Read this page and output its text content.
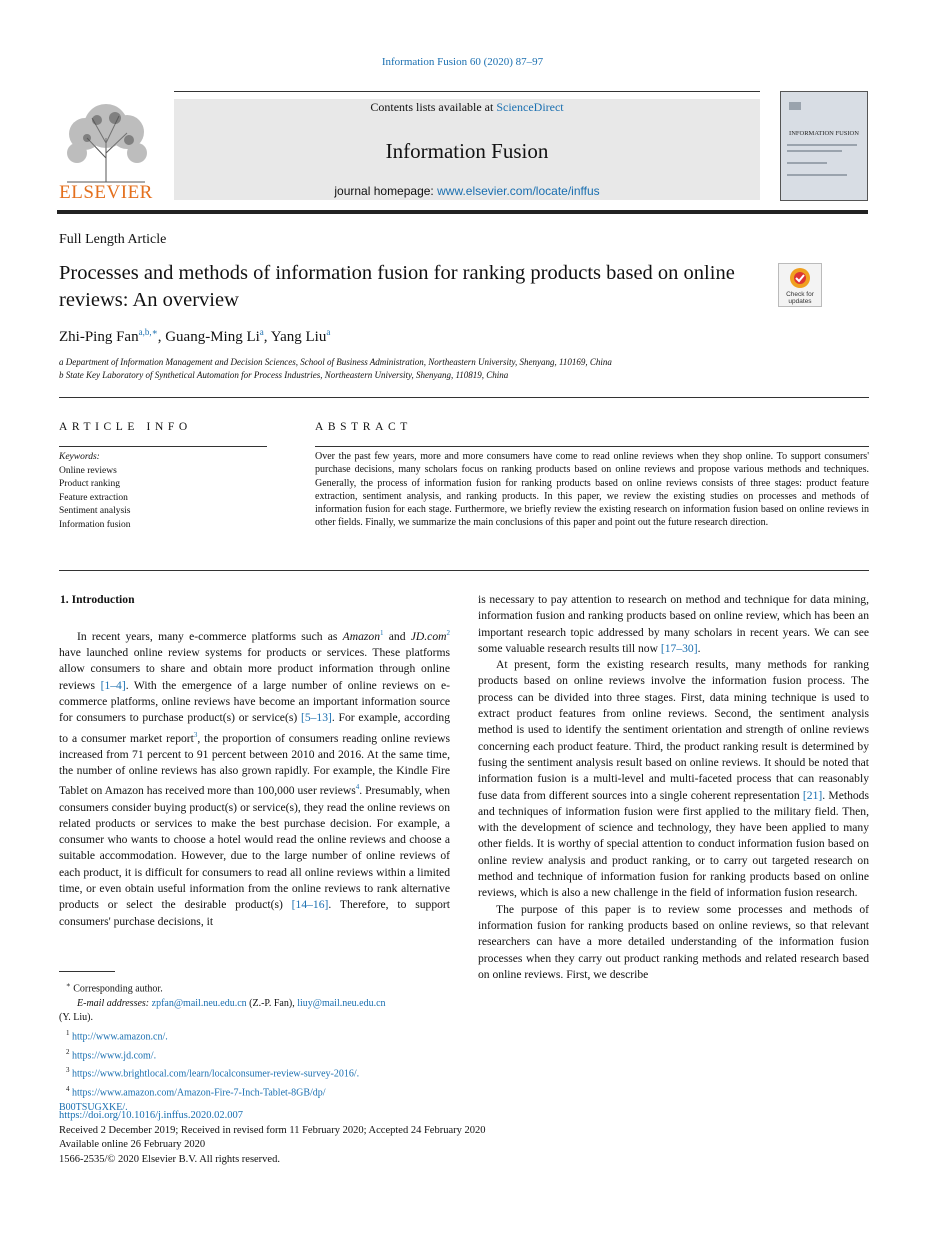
Information Fusion 60 (2020) 87–97
ELSEVIER
Contents lists available at ScienceDirect
Information Fusion
journal homepage: www.elsevier.com/locate/inffus
INFORMATION FUSION
Full Length Article
Processes and methods of information fusion for ranking products based on online reviews: An overview	Check for updates
Zhi-Ping Fan$^{a,b,∗}$, Guang-Ming Li$^a$, Yang Liu$^a$
a Department of Information Management and Decision Sciences, School of Business Administration, Northeastern University, Shenyang, 110169, China
b State Key Laboratory of Synthetical Automation for Process Industries, Northeastern University, Shenyang, 110819, China
ARTICLE INFO	ABSTRACT
Keywords:
Online reviews
Product ranking
Feature extraction
Sentiment analysis
Information fusion
Over the past few years, more and more consumers have come to read online reviews when they shop online. To support consumers' purchase decisions, many scholars focus on ranking products based on online reviews and propose various methods and techniques. Generally, the process of information fusion for ranking products based on online reviews consists of three stages: product feature extraction, sentiment analysis, and ranking products. In this paper, we review the existing studies on processes and methods of information fusion for each stage. Furthermore, we briefly review the existing research on information fusion based on online reviews in other fields. Finally, we summarize the main conclusions of this paper and point out the future research direction.
1. Introduction

In recent years, many e-commerce platforms such as Amazon$^1$ and JD.com$^2$ have launched online review systems for products or services. These platforms allow consumers to share and obtain more product information through online reviews [1–4]. With the emergence of a large number of online reviews on e-commerce platforms, online reviews have become an important information source for consumers to purchase product(s) or service(s) [5–13]. For example, according to a consumer market report$^3$, the proportion of consumers reading online reviews increased from 71 percent to 91 percent between 2010 and 2016. At the same time, the number of online reviews has also grown rapidly. For example, the Kindle Fire Tablet on Amazon has received more than 100,000 user reviews$^4$. Presumably, when consumers consider buying product(s) or service(s), they read the online reviews on related products or services to make the best purchase decision. For example, a consumer who wants to choose a hotel would read the online reviews and choose a suitable accommodation. However, due to the large number of online reviews of each product, it is difficult for consumers to read all online reviews within a limited time, or even obtain useful information from the online reviews to rank alternative products or select the desirable product(s) [14–16]. Therefore, to support consumers' purchase decisions, it

∗ Corresponding author.
E-mail addresses: zpfan@mail.neu.edu.cn (Z.-P. Fan), liuy@mail.neu.edu.cn
(Y. Liu).
$^1$ http://www.amazon.cn/.
$^2$ https://www.jd.com/.
$^3$ https://www.brightlocal.com/learn/localconsumer-review-survey-2016/.
$^4$ https://www.amazon.com/Amazon-Fire-7-Inch-Tablet-8GB/dp/
B00TSUGXKE/.

is necessary to pay attention to research on method and technique for data mining, information fusion and ranking products based on online review, which has been an important research topic addressed by many scholars in recent years. We can see some valuable research results till now [17–30].

At present, form the existing research results, many methods for ranking products based on online reviews involve the information fusion process. The process can be divided into three stages. First, data mining technique is used to extract product features from online reviews. Second, the sentiment analysis method is used to identify the sentiment orientation and strength of online reviews concerning each product feature. Third, the product ranking result is determined by fusing the sentiment analysis result based on online reviews. It should be noted that information fusion is a multi-level and multi-faceted process that can reasonably fuse data from different sources into a single coherent representation [21]. Methods and techniques of information fusion were first applied to the military field. Then, with the development of science and technology, they have been applied to many other fields. It is worthy of special attention to conduct information fusion based on online review analysis and product ranking, or to carry out targeted research on method and technique of information fusion for ranking products based on online reviews, which is also a new challenge in the field of information fusion research.

The purpose of this paper is to review some processes and methods of information fusion for ranking products based on online reviews, so that relevant researchers can have a more detailed understanding of the information fusion processes when they carry out product ranking methods and related research based on online reviews. First, we describe

https://doi.org/10.1016/j.inffus.2020.02.007
Received 2 December 2019; Received in revised form 11 February 2020; Accepted 24 February 2020
Available online 26 February 2020
1566-2535/© 2020 Elsevier B.V. All rights reserved.
